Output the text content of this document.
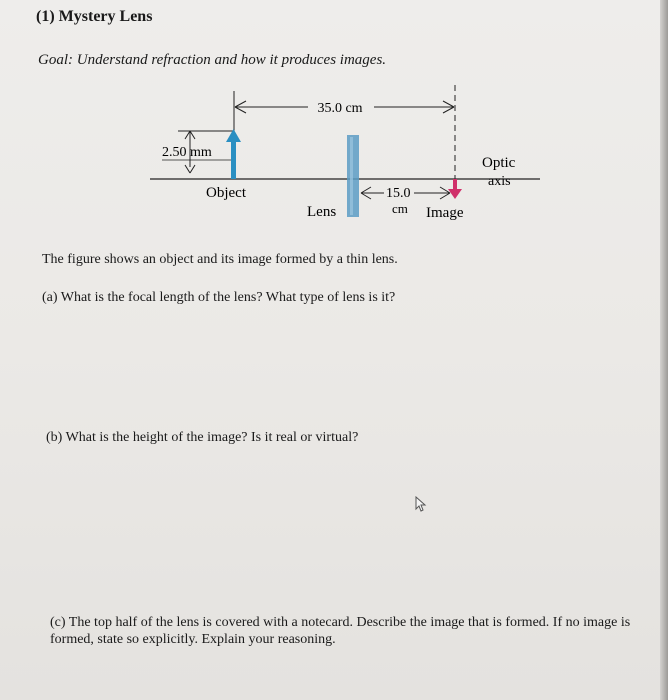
(1) Mystery Lens
Goal: Understand refraction and how it produces images.
35.0 cm
2.50 mm
Object
Lens
15.0
cm Image
Optic
axis
The figure shows an object and its image formed by a thin lens.
(a) What is the focal length of the lens? What type of lens is it?
(b) What is the height of the image? Is it real or virtual?
(c) The top half of the lens is covered with a notecard. Describe the image that is formed. If no image is formed, state so explicitly. Explain your reasoning.
